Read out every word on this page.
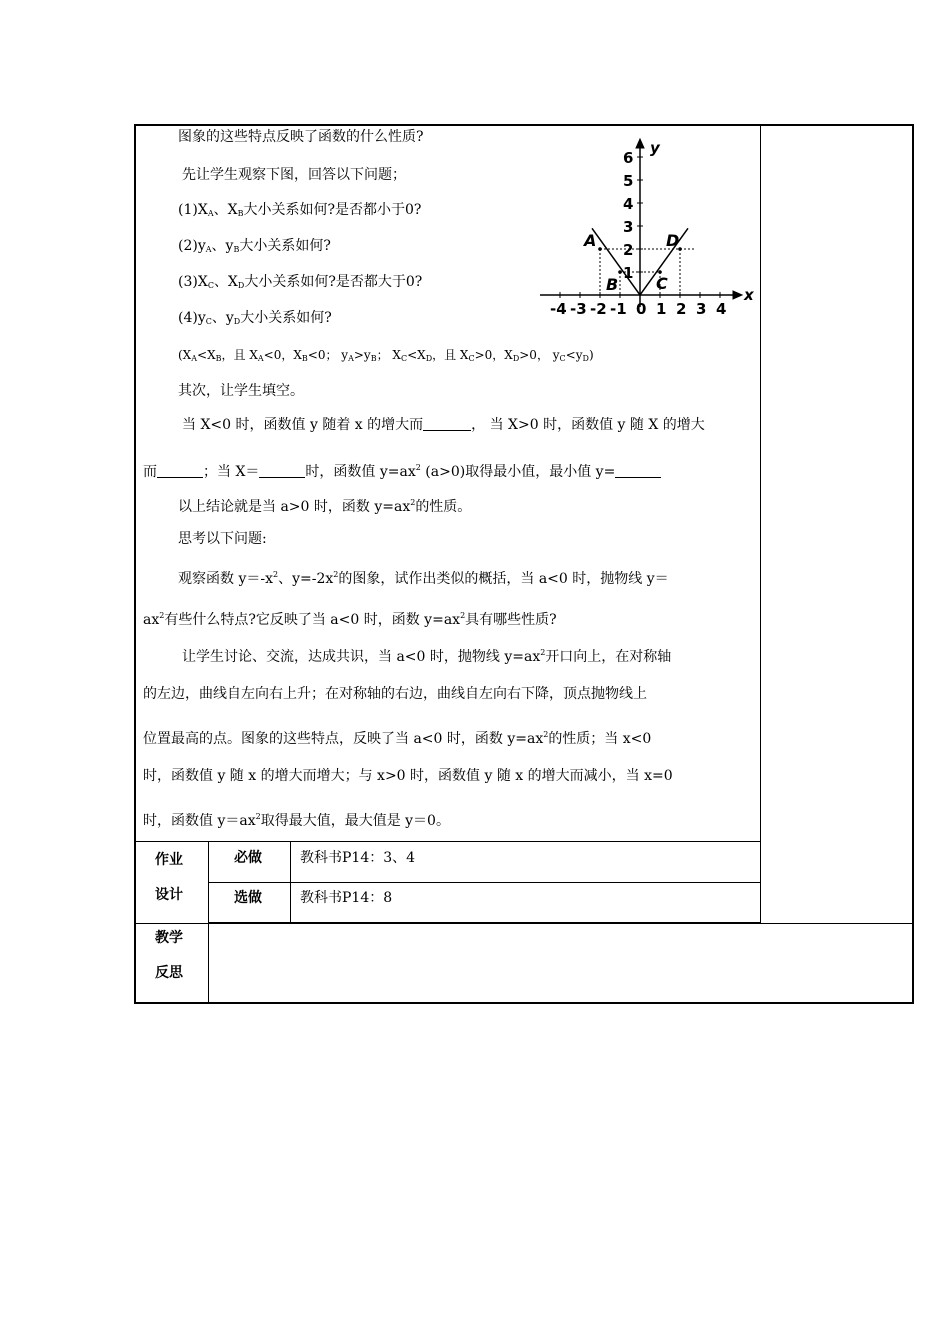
图象的这些特点反映了函数的什么性质?
先让学生观察下图，回答以下问题；
$(1)X_A$、$X_B$大小关系如何?是否都小于0?
$(2)y_A$、$y_B$大小关系如何?
$(3)X_C$、$X_D$大小关系如何?是否都大于0?
$(4)y_C$、$y_D$大小关系如何?
($X_A<X_B$，且 $X_A<0$，$X_B<0$； $y_A>y_B$； $X_C<X_D$，且 $X_C>0$，$X_D>0$， $y_C<y_D$)
其次，让学生填空。
当 X<0 时，函数值 y 随着 x 的增大而	， 当 X>0 时，函数值 y 随 X 的增大
而	；当 X＝	时，函数值 $y=ax^2$ (a>0)取得最小值，最小值 y=
以上结论就是当 a>0 时，函数 $y=ax^2$的性质。
思考以下问题:
观察函数 $y=-x^2$、$y=-2x^2$的图象，试作出类似的概括，当 a<0 时，抛物线 y＝
$ax^2$有些什么特点?它反映了当 a<0 时，函数 $y=ax^2$具有哪些性质?
让学生讨论、交流，达成共识，当 a<0 时，抛物线 $y=ax^2$开口向上，在对称轴
的左边，曲线自左向右上升；在对称轴的右边，曲线自左向右下降，顶点抛物线上
位置最高的点。图象的这些特点，反映了当 a<0 时，函数 $y=ax^2$的性质；当 x<0
时，函数值 y 随 x 的增大而增大；与 x>0 时，函数值 y 随 x 的增大而减小，当 x=0
时，函数值 $y=ax^2$取得最大值，最大值是 y＝0。
6
5
4
3
2
1
-4 -3 -2 -1 1 2 3 4
0
A
B C
D
y
x
作业
设计
必做	教科书P14：3、4
选做	教科书P14：8
教学
反思
